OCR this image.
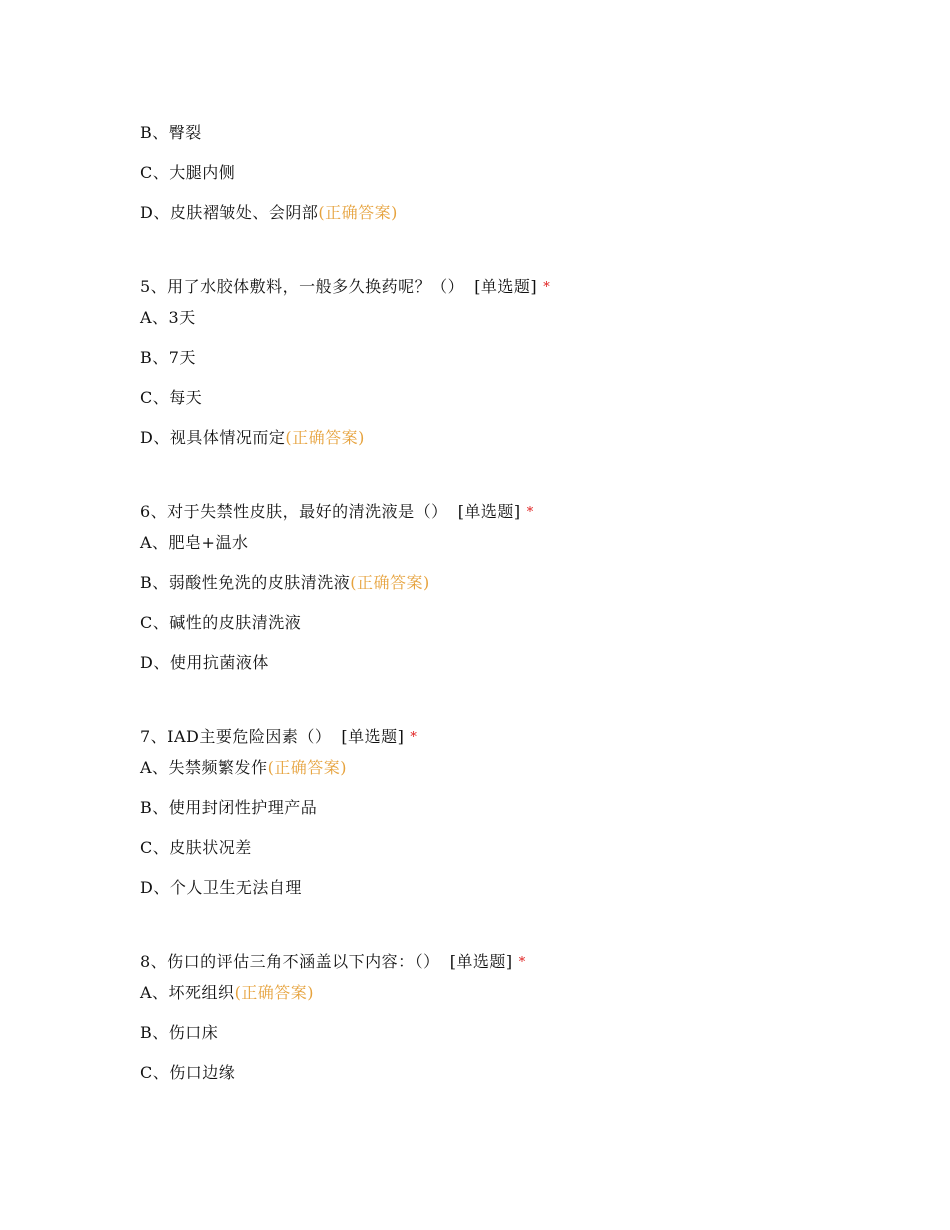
B、臀裂
C、大腿内侧
D、皮肤褶皱处、会阴部(正确答案)
5、用了水胶体敷料，一般多久换药呢？（） [单选题] *
A、3天
B、7天
C、每天
D、视具体情况而定(正确答案)
6、对于失禁性皮肤，最好的清洗液是（） [单选题] *
A、肥皂+温水
B、弱酸性免洗的皮肤清洗液(正确答案)
C、碱性的皮肤清洗液
D、使用抗菌液体
7、IAD主要危险因素（） [单选题] *
A、失禁频繁发作(正确答案)
B、使用封闭性护理产品
C、皮肤状况差
D、个人卫生无法自理
8、伤口的评估三角不涵盖以下内容：（） [单选题] *
A、坏死组织(正确答案)
B、伤口床
C、伤口边缘
